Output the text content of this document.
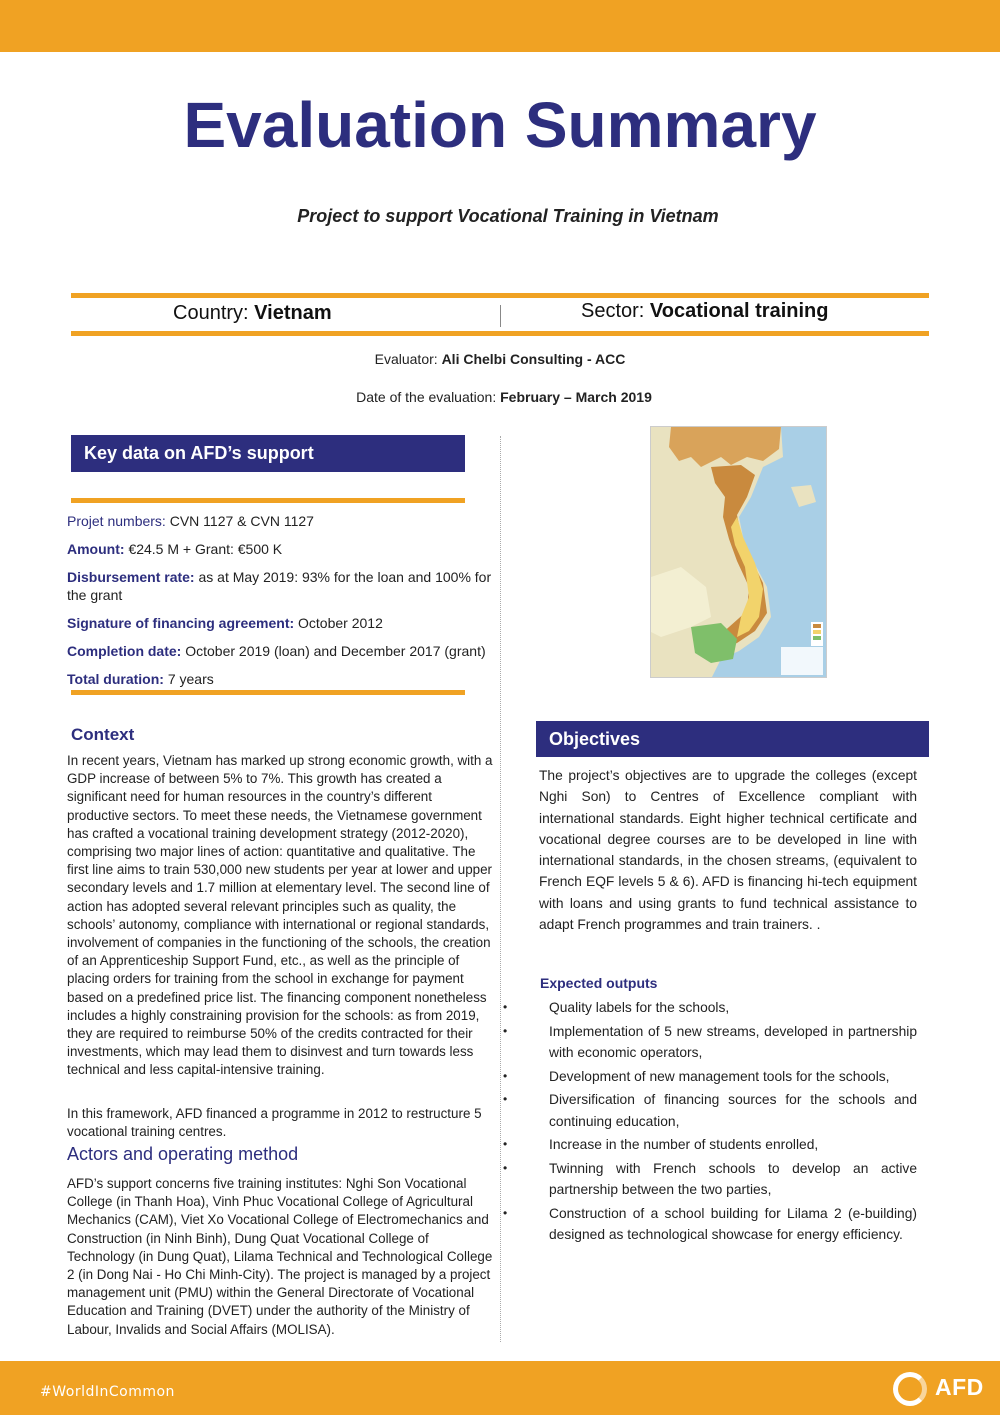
Evaluation Summary
Project to support Vocational Training in Vietnam
Country: Vietnam	Sector: Vocational training
Evaluator: Ali Chelbi Consulting - ACC
Date of the evaluation: February – March 2019
Key data on AFD’s support
Projet numbers: CVN 1127 & CVN 1127
Amount: €24.5 M + Grant: €500 K
Disbursement rate: as at May 2019: 93% for the loan and 100% for the grant
Signature of financing agreement: October 2012
Completion date: October 2019 (loan) and December 2017 (grant)
Total duration: 7 years
Context
In recent years, Vietnam has marked up strong economic growth, with a GDP increase of between 5% to 7%. This growth has created a significant need for human resources in the country’s different productive sectors. To meet these needs, the Vietnamese government has crafted a vocational training development strategy (2012-2020), comprising two major lines of action: quantitative and qualitative. The first line aims to train 530,000 new students per year at lower and upper secondary levels and 1.7 million at elementary level. The second line of action has adopted several relevant principles such as quality, the schools’ autonomy, compliance with international or regional standards, involvement of companies in the functioning of the schools, the creation of an Apprenticeship Support Fund, etc., as well as the principle of placing orders for training from the school in exchange for payment based on a predefined price list. The financing component nonetheless includes a highly constraining provision for the schools: as from 2019, they are required to reimburse 50% of the credits contracted for their investments, which may lead them to disinvest and turn towards less technical and less capital-intensive training.
In this framework, AFD financed a programme in 2012 to restructure 5 vocational training centres.
Actors and operating method
AFD’s support concerns five training institutes: Nghi Son Vocational College (in Thanh Hoa), Vinh Phuc Vocational College of Agricultural Mechanics (CAM), Viet Xo Vocational College of Electromechanics and Construction (in Ninh Binh), Dung Quat Vocational College of Technology (in Dung Quat), Lilama Technical and Technological College 2 (in Dong Nai - Ho Chi Minh-City). The project is managed by a project management unit (PMU) within the General Directorate of Vocational Education and Training (DVET) under the authority of the Ministry of Labour, Invalids and Social Affairs (MOLISA).
Objectives
The project’s objectives are to upgrade the colleges (except Nghi Son) to Centres of Excellence compliant with international standards. Eight higher technical certificate and vocational degree courses are to be developed in line with international standards, in the chosen streams, (equivalent to French EQF levels 5 & 6). AFD is financing hi-tech equipment with loans and using grants to fund technical assistance to adapt French programmes and train trainers. .
Expected outputs
•	Quality labels for the schools,
•	Implementation of 5 new streams, developed in partnership with economic operators,
•	Development of new management tools for the schools,
•	Diversification of financing sources for the schools and continuing education,
•	Increase in the number of students enrolled,
•	Twinning with French schools to develop an active partnership between the two parties,
•	Construction of a school building for Lilama 2 (e-building) designed as technological showcase for energy efficiency.
#WorldInCommon	AFD
